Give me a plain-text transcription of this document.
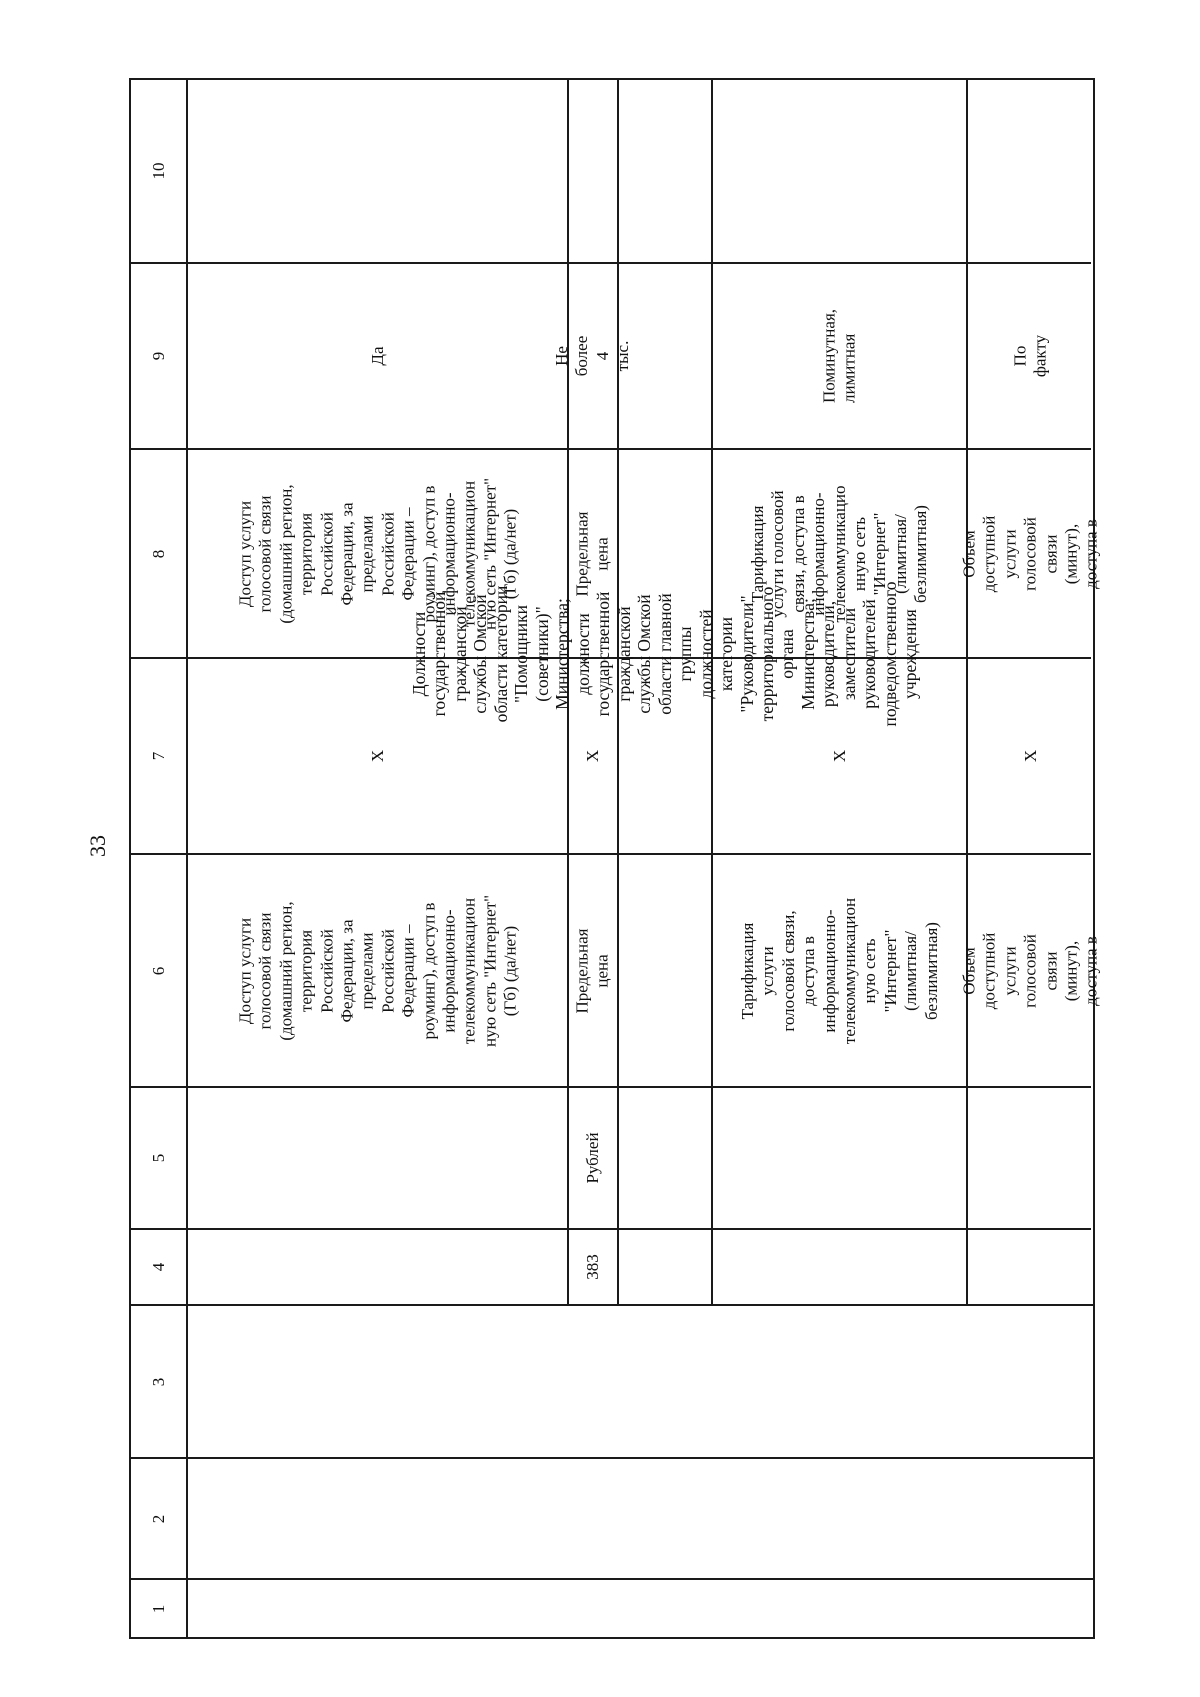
33
1
2
3
4
5
6
7
8
9
10
Доступ услуги
голосовой связи
(домашний регион,
территория
Российской
Федерации, за
пределами
Российской
Федерации –
роуминг), доступ в
информационно-
телекоммуникацион
ную сеть "Интернет"
(Гб) (да/нет)
Х
Доступ услуги
голосовой связи
(домашний регион,
территория
Российской
Федерации, за
пределами
Российской
Федерации –
роуминг), доступ в
информационно-
телекоммуникацион
ную сеть "Интернет"
(Гб) (да/нет)
Да
383
Рублей
Предельная цена
Х
Предельная цена
Не более 4 тыс.
Должности государственной гражданской службы Омской области категории "Помощники (советники)" Министерства;
должности государственной гражданской службы Омской области главной группы должностей категории "Руководители"
территориального органа Министерства; руководители, заместители руководителей подведомственного учреждения
Тарификация услуги
голосовой связи,
доступа в
информационно-
телекоммуникацион
ную сеть "Интернет"
(лимитная/
безлимитная)
Х
Тарификация
услуги голосовой
связи, доступа в
информационно-
телекоммуникацио
нную сеть
"Интернет"
(лимитная/
безлимитная)
Поминутная,
лимитная
Объем доступной
услуги голосовой
связи (минут),
доступа в
Х
Объем доступной
услуги голосовой
связи (минут),
доступа в
По факту
